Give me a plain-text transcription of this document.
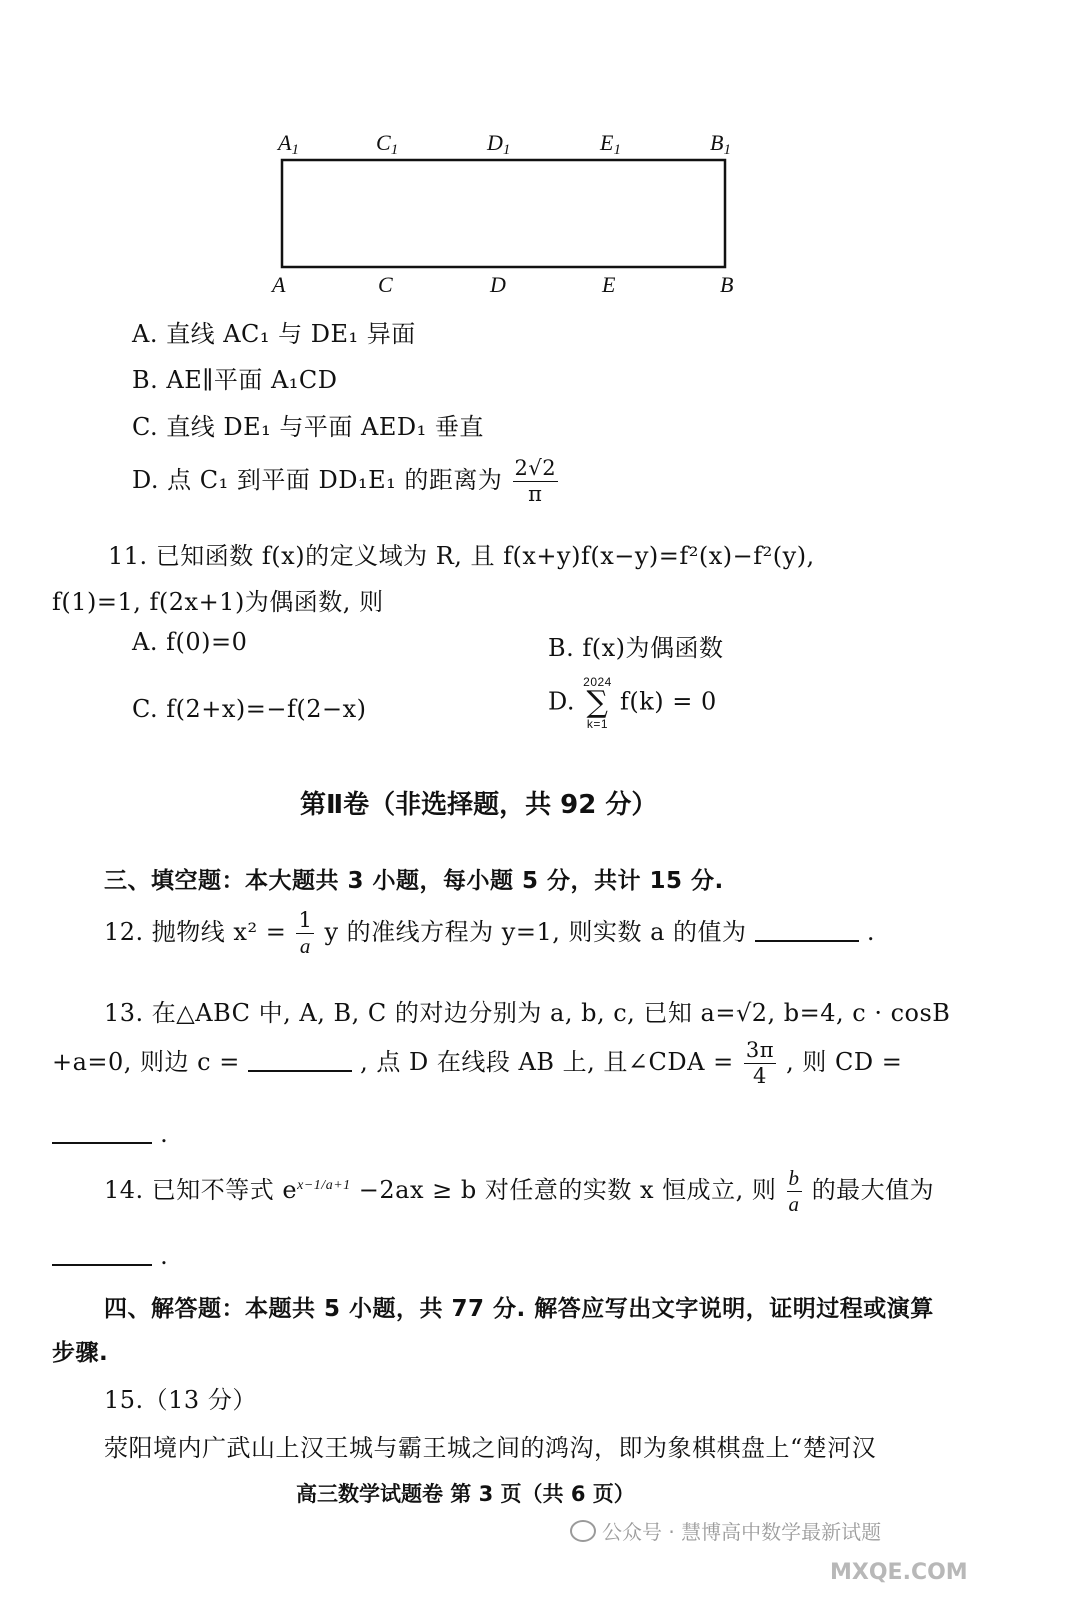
$A_1$	$C_1$	$D_1$	$E_1$	$B_1$
A	C	D	E	B
A. 直线 AC₁ 与 DE₁ 异面
B. AE∥平面 A₁CD
C. 直线 DE₁ 与平面 AED₁ 垂直
D. 点 C₁ 到平面 DD₁E₁ 的距离为 $\frac{2√2}{\pi}$
11. 已知函数 f(x)的定义域为 R, 且 f(x+y)f(x−y)=f²(x)−f²(y),
f(1)=1, f(2x+1)为偶函数, 则
A. f(0)=0	B. f(x)为偶函数
C. f(2+x)=−f(2−x)	D.
2024
∑
k=1
f(k) = 0
第Ⅱ卷（非选择题，共 92 分）
三、填空题：本大题共 3 小题，每小题 5 分，共计 15 分.
12. 抛物线 $x^2 = \frac{1}{a}$ y 的准线方程为 y=1, 则实数 a 的值为	.
13. 在△ABC 中, A, B, C 的对边分别为 a, b, c, 已知 a=√2, b=4, c · cosB
+a=0, 则边 c =	, 点 D 在线段 AB 上, 且∠CDA = $\frac{3\pi}{4}$ , 则 CD =
.
14. 已知不等式 $e^{x-1/a+1} -2ax \ge b$ 对任意的实数 x 恒成立, 则 $\frac{b}{a}$ 的最大值为
.
四、解答题：本题共 5 小题，共 77 分. 解答应写出文字说明，证明过程或演算
步骤.
15.（13 分）
荥阳境内广武山上汉王城与霸王城之间的鸿沟，即为象棋棋盘上“楚河汉
高三数学试题卷 第 3 页（共 6 页）
公众号 · 慧博高中数学最新试题
MXQE.COM
